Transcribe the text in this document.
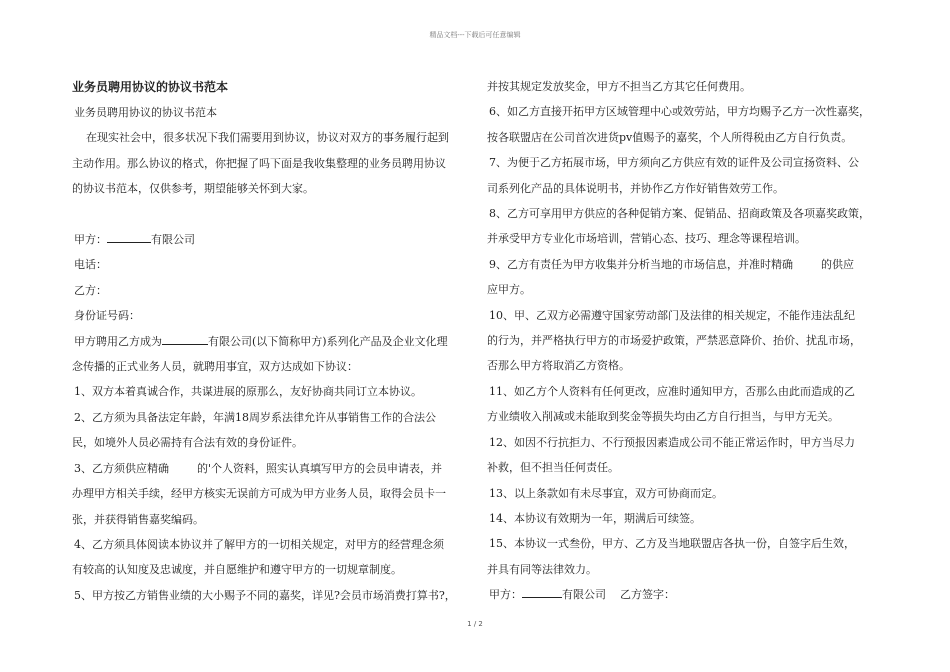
精品文档---下载后可任意编辑

业务员聘用协议的协议书范本

业务员聘用协议的协议书范本

在现实社会中，很多状况下我们需要用到协议，协议对双方的事务履行起到

主动作用。那么协议的格式，你把握了吗下面是我收集整理的业务员聘用协议

的协议书范本，仅供参考，期望能够关怀到大家。

甲方：	有限公司

电话：

乙方：

身份证号码：

甲方聘用乙方成为	有限公司(以下简称甲方)系列化产品及企业文化理

念传播的正式业务人员，就聘用事宜，双方达成如下协议：

1、双方本着真诚合作，共谋进展的原那么，友好协商共同订立本协议。

2、乙方须为具备法定年龄，年满18周岁系法律允许从事销售工作的合法公

民，如境外人员必需持有合法有效的身份证件。

3、乙方须供应精确	的'个人资料，照实认真填写甲方的会员申请表，并

办理甲方相关手续，经甲方核实无误前方可成为甲方业务人员，取得会员卡一

张，并获得销售嘉奖编码。

4、乙方须具体阅读本协议并了解甲方的一切相关规定，对甲方的经营理念须

有较高的认知度及忠诚度，并自愿维护和遵守甲方的一切规章制度。

5、甲方按乙方销售业绩的大小赐予不同的嘉奖，详见?会员市场消费打算书?，

并按其规定发放奖金，甲方不担当乙方其它任何费用。

6、如乙方直接开拓甲方区域管理中心或效劳站，甲方均赐予乙方一次性嘉奖，

按各联盟店在公司首次进货pv值赐予的嘉奖，个人所得税由乙方自行负责。

7、为便于乙方拓展市场，甲方须向乙方供应有效的证件及公司宣扬资料、公

司系列化产品的具体说明书，并协作乙方作好销售效劳工作。

8、乙方可享用甲方供应的各种促销方案、促销品、招商政策及各项嘉奖政策，

并承受甲方专业化市场培训，营销心态、技巧、理念等课程培训。

9、乙方有责任为甲方收集并分析当地的市场信息，并准时精确	的供应

应甲方。

10、甲、乙双方必需遵守国家劳动部门及法律的相关规定，不能作违法乱纪

的行为，并严格执行甲方的市场爱护政策，严禁恶意降价、抬价、扰乱市场，

否那么甲方将取消乙方资格。

11、如乙方个人资料有任何更改，应准时通知甲方，否那么由此而造成的乙

方业绩收入削减或未能取到奖金等损失均由乙方自行担当，与甲方无关。

12、如因不行抗拒力、不行预报因素造成公司不能正常运作时，甲方当尽力

补救，但不担当任何责任。

13、以上条款如有未尽事宜，双方可协商而定。

14、本协议有效期为一年，期满后可续签。

15、本协议一式叁份，甲方、乙方及当地联盟店各执一份，自签字后生效，

并具有同等法律效力。

甲方：	有限公司 乙方签字：

1 / 2
